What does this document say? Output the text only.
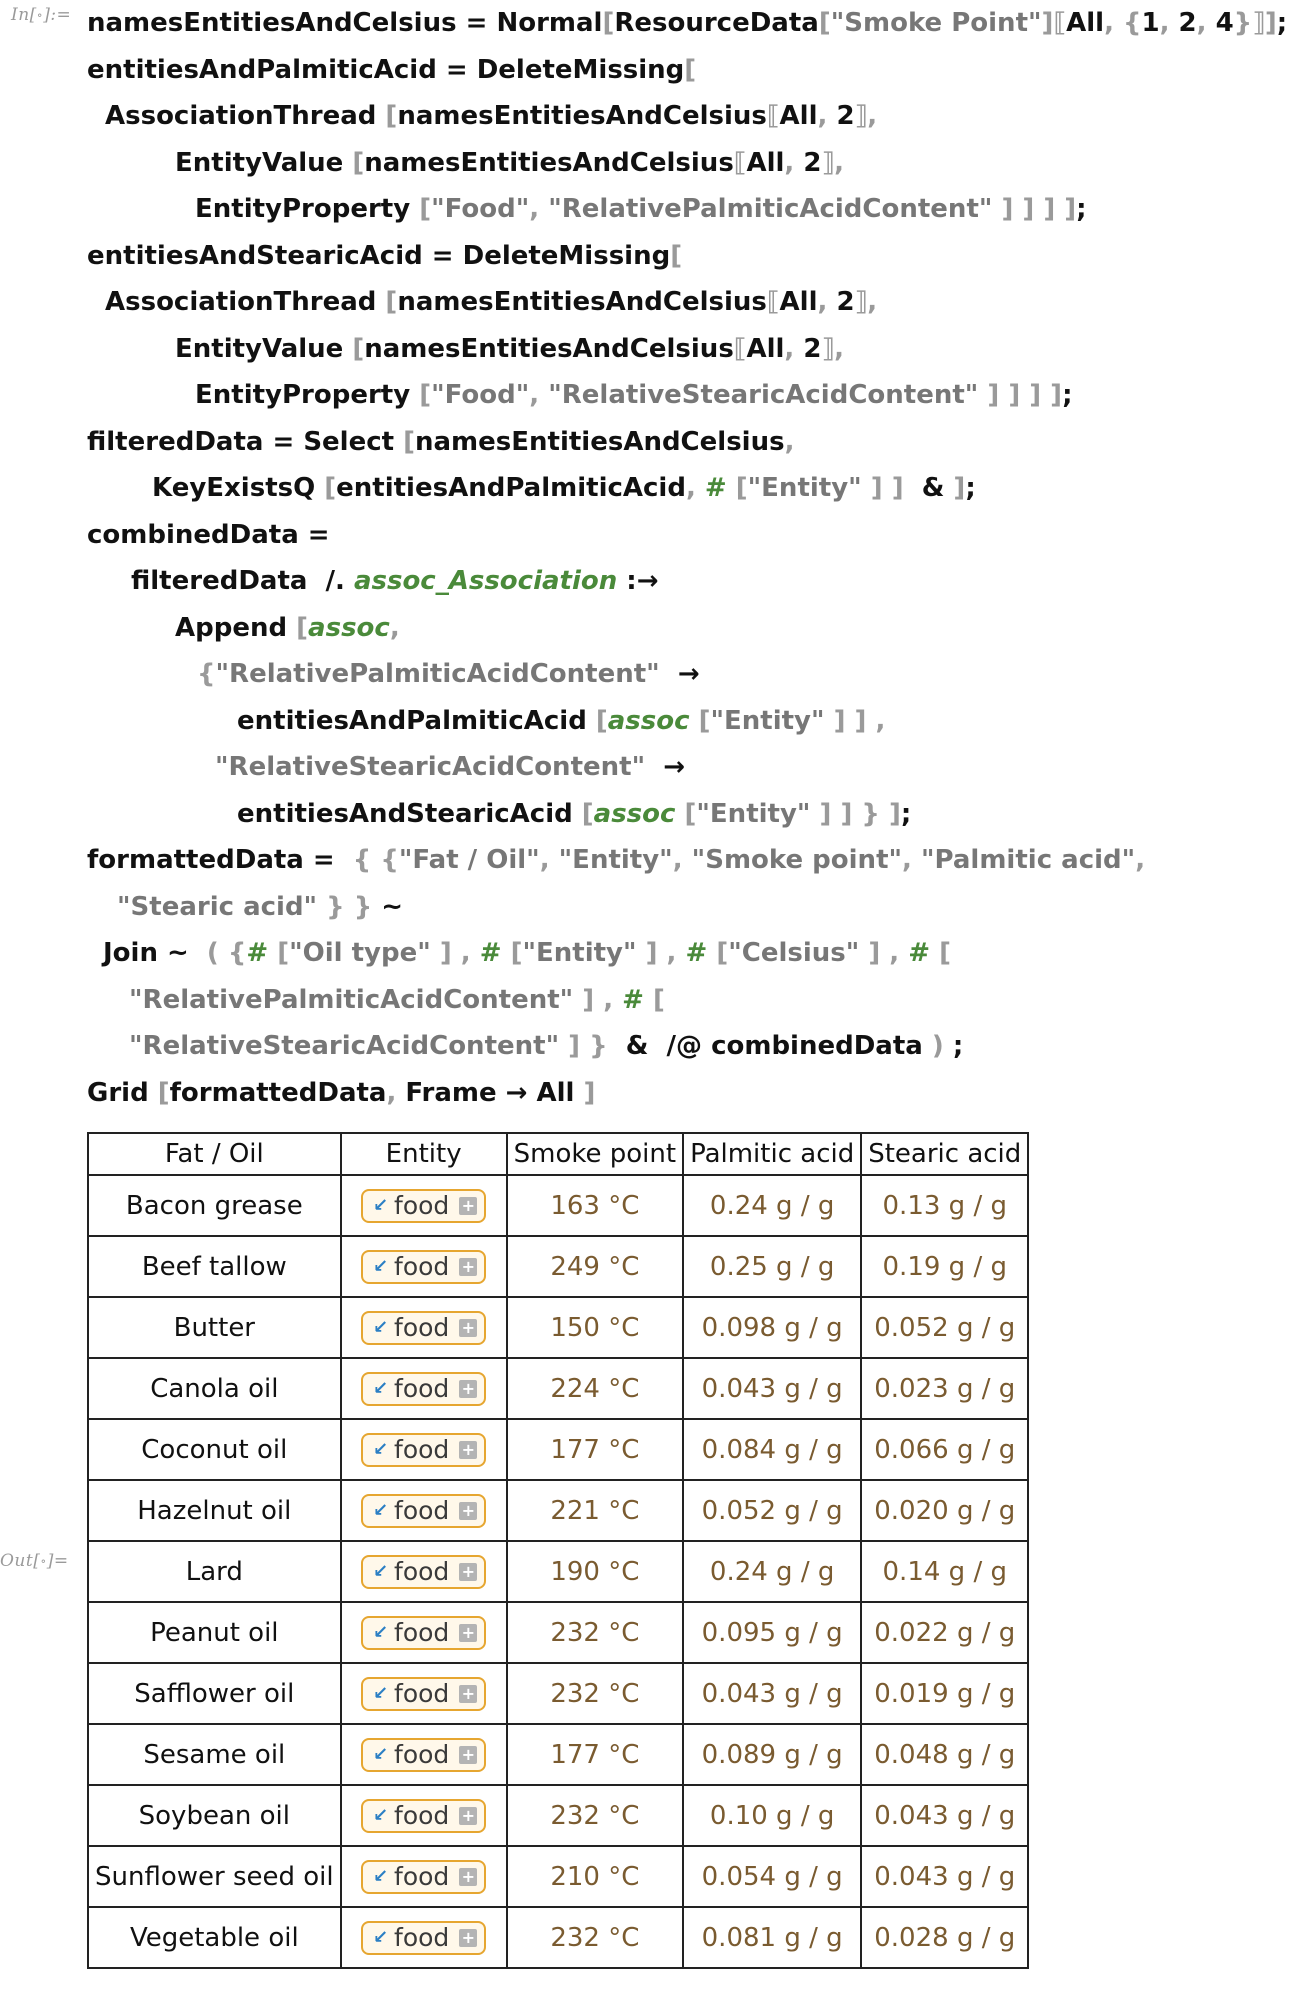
In[∘]:=
Out[∘]=
namesEntitiesAndCelsius = Normal[ResourceData["Smoke Point"]⟦All, {1, 2, 4}⟧];
entitiesAndPalmiticAcid = DeleteMissing[
AssociationThread [namesEntitiesAndCelsius⟦All, 2⟧,
EntityValue [namesEntitiesAndCelsius⟦All, 2⟧,
EntityProperty ["Food", "RelativePalmiticAcidContent" ] ] ] ];
entitiesAndStearicAcid = DeleteMissing[
AssociationThread [namesEntitiesAndCelsius⟦All, 2⟧,
EntityValue [namesEntitiesAndCelsius⟦All, 2⟧,
EntityProperty ["Food", "RelativeStearicAcidContent" ] ] ] ];
filteredData = Select [namesEntitiesAndCelsius,
KeyExistsQ [entitiesAndPalmiticAcid, # ["Entity" ] ]  & ];
combinedData =
filteredData  /. assoc_Association :→
Append [assoc,
{"RelativePalmiticAcidContent"  →
entitiesAndPalmiticAcid [assoc ["Entity" ] ] ,
"RelativeStearicAcidContent"  →
entitiesAndStearicAcid [assoc ["Entity" ] ] } ];
formattedData =  { {"Fat / Oil", "Entity", "Smoke point", "Palmitic acid",
"Stearic acid" } } ~
Join ~  ( {# ["Oil type" ] , # ["Entity" ] , # ["Celsius" ] , # [
"RelativePalmiticAcidContent" ] , # [
"RelativeStearicAcidContent" ] }  &  /@ combinedData ) ;
Grid [formattedData, Frame → All ]
Fat / Oil	Entity	Smoke point	Palmitic acid	Stearic acid
Bacon grease	↙ food +	163 °C	0.24 g / g	0.13 g / g
Beef tallow	↙ food +	249 °C	0.25 g / g	0.19 g / g
Butter	↙ food +	150 °C	0.098 g / g	0.052 g / g
Canola oil	↙ food +	224 °C	0.043 g / g	0.023 g / g
Coconut oil	↙ food +	177 °C	0.084 g / g	0.066 g / g
Hazelnut oil	↙ food +	221 °C	0.052 g / g	0.020 g / g
Lard	↙ food +	190 °C	0.24 g / g	0.14 g / g
Peanut oil	↙ food +	232 °C	0.095 g / g	0.022 g / g
Safflower oil	↙ food +	232 °C	0.043 g / g	0.019 g / g
Sesame oil	↙ food +	177 °C	0.089 g / g	0.048 g / g
Soybean oil	↙ food +	232 °C	0.10 g / g	0.043 g / g
Sunflower seed oil	↙ food +	210 °C	0.054 g / g	0.043 g / g
Vegetable oil	↙ food +	232 °C	0.081 g / g	0.028 g / g
